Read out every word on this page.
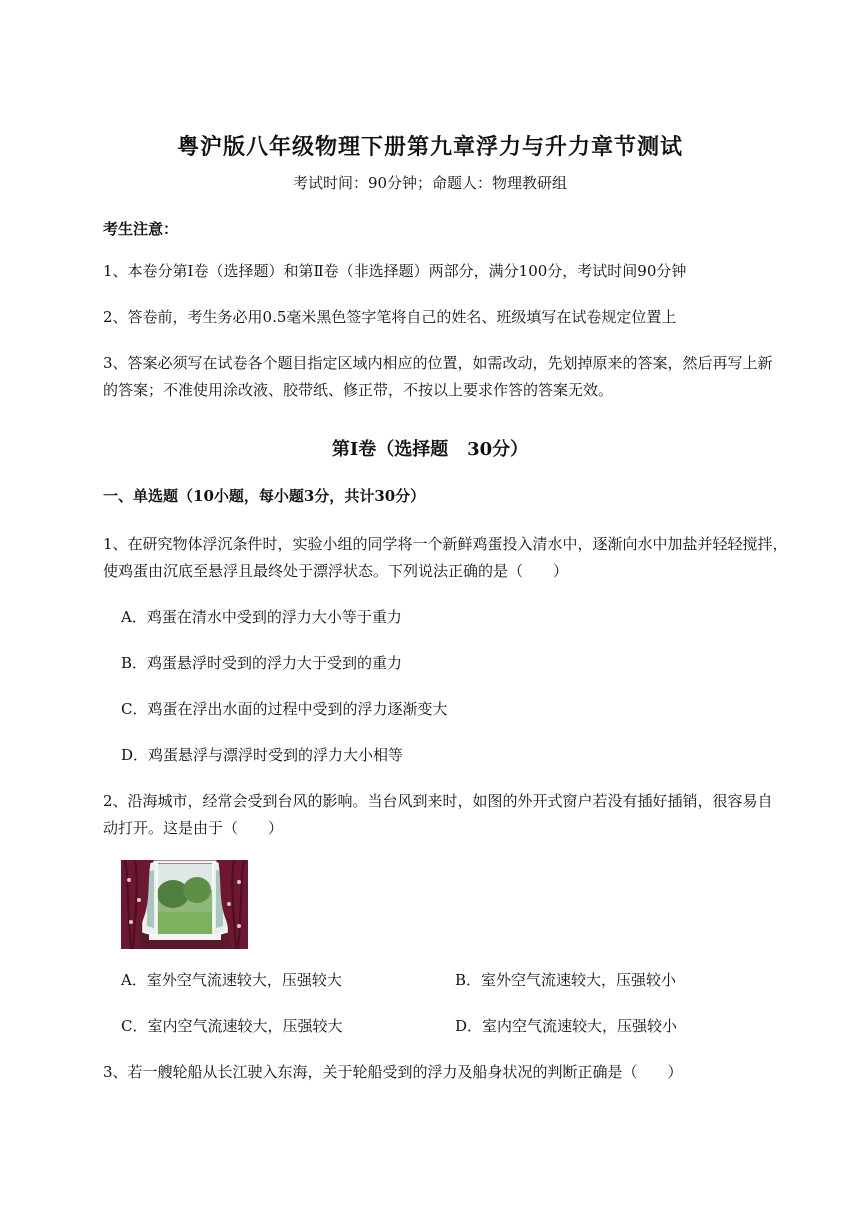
粤沪版八年级物理下册第九章浮力与升力章节测试
考试时间：90分钟；命题人：物理教研组
考生注意：
1、本卷分第Ⅰ卷（选择题）和第Ⅱ卷（非选择题）两部分，满分100分，考试时间90分钟
2、答卷前，考生务必用0.5毫米黑色签字笔将自己的姓名、班级填写在试卷规定位置上
3、答案必须写在试卷各个题目指定区域内相应的位置，如需改动，先划掉原来的答案，然后再写上新
的答案；不准使用涂改液、胶带纸、修正带，不按以上要求作答的答案无效。
第Ⅰ卷（选择题   30分）
一、单选题（10小题，每小题3分，共计30分）
1、在研究物体浮沉条件时，实验小组的同学将一个新鲜鸡蛋投入清水中，逐渐向水中加盐并轻轻搅拌，
使鸡蛋由沉底至悬浮且最终处于漂浮状态。下列说法正确的是（　　）
A．鸡蛋在清水中受到的浮力大小等于重力
B．鸡蛋悬浮时受到的浮力大于受到的重力
C．鸡蛋在浮出水面的过程中受到的浮力逐渐变大
D．鸡蛋悬浮与漂浮时受到的浮力大小相等
2、沿海城市，经常会受到台风的影响。当台风到来时，如图的外开式窗户若没有插好插销，很容易自
动打开。这是由于（　　）
A．室外空气流速较大，压强较大	B．室外空气流速较大，压强较小
C．室内空气流速较大，压强较大	D．室内空气流速较大，压强较小
3、若一艘轮船从长江驶入东海，关于轮船受到的浮力及船身状况的判断正确是（　　）
